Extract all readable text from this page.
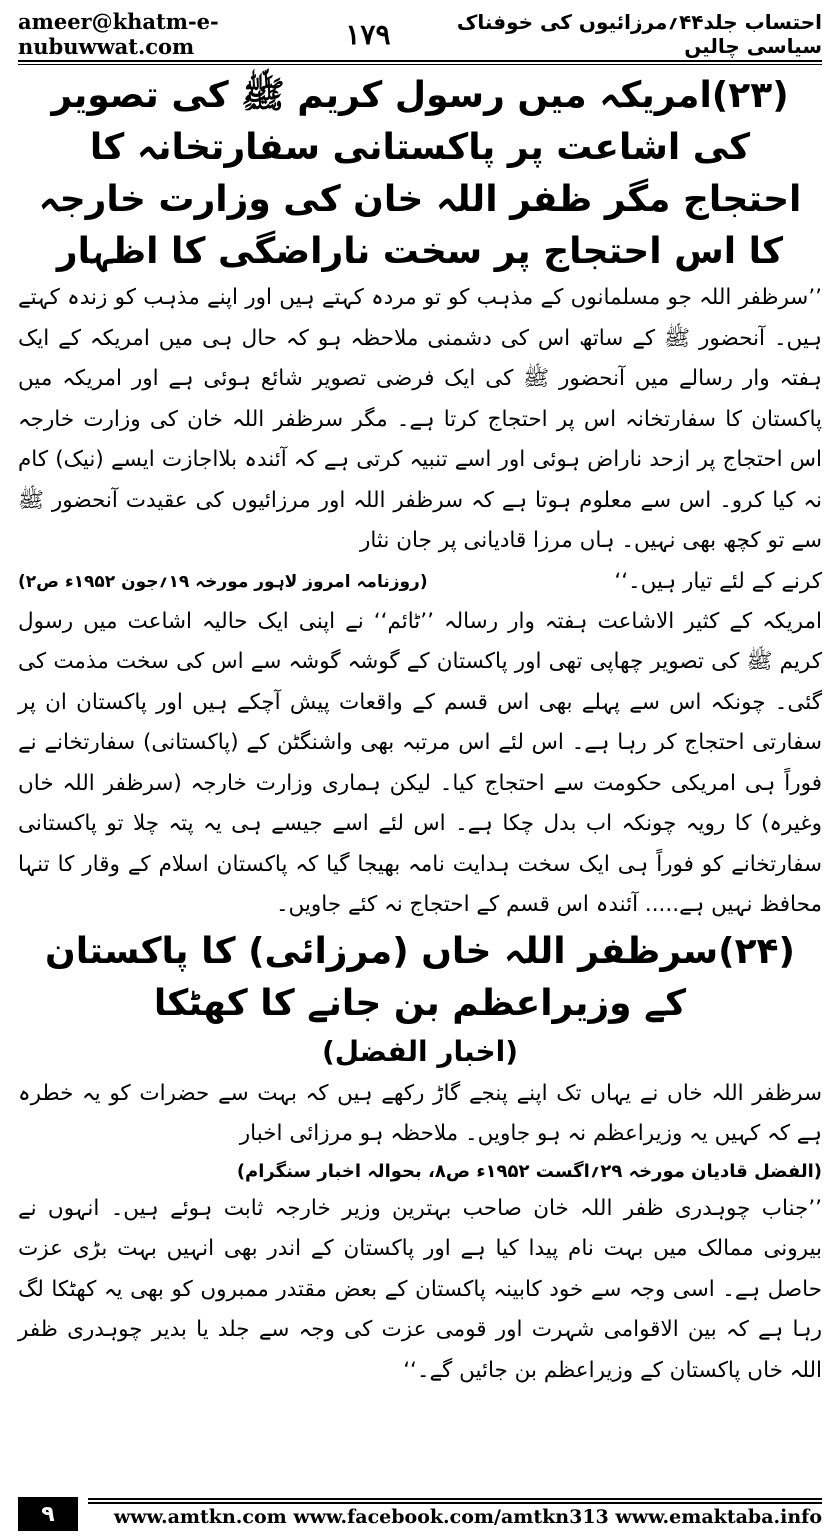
ameer@khatm-e-nubuwwat.com	۱۷۹	احتساب جلد۴۴؍مرزائیوں کی خوفناک سیاسی چالیں

(۲۳)امریکہ میں رسول کریم ﷺ کی تصویر کی اشاعت پر پاکستانی سفارتخانہ کا

احتجاج مگر ظفر اللہ خان کی وزارت خارجہ کا اس احتجاج پر سخت ناراضگی کا اظہار

’’سرظفر اللہ جو مسلمانوں کے مذہب کو تو مردہ کہتے ہیں اور اپنے مذہب کو زندہ کہتے ہیں۔ آنحضور ﷺ کے ساتھ اس کی دشمنی ملاحظہ ہو کہ حال ہی میں امریکہ کے ایک ہفتہ وار رسالے میں آنحضور ﷺ کی ایک فرضی تصویر شائع ہوئی ہے اور امریکہ میں پاکستان کا سفارتخانہ اس پر احتجاج کرتا ہے۔ مگر سرظفر اللہ خان کی وزارت خارجہ اس احتجاج پر ازحد ناراض ہوئی اور اسے تنبیہ کرتی ہے کہ آئندہ بلااجازت ایسے (نیک) کام نہ کیا کرو۔ اس سے معلوم ہوتا ہے کہ سرظفر اللہ اور مرزائیوں کی عقیدت آنحضور ﷺ سے تو کچھ بھی نہیں۔ ہاں مرزا قادیانی پر جان نثار

کرنے کے لئے تیار ہیں۔‘‘
(روزنامہ امروز لاہور مورخہ ۱۹؍جون ۱۹۵۲ء ص۲)

امریکہ کے کثیر الاشاعت ہفتہ وار رسالہ ’’ٹائم‘‘ نے اپنی ایک حالیہ اشاعت میں رسول کریم ﷺ کی تصویر چھاپی تھی اور پاکستان کے گوشہ گوشہ سے اس کی سخت مذمت کی گئی۔ چونکہ اس سے پہلے بھی اس قسم کے واقعات پیش آچکے ہیں اور پاکستان ان پر سفارتی احتجاج کر رہا ہے۔ اس لئے اس مرتبہ بھی واشنگٹن کے (پاکستانی) سفارتخانے نے فوراً ہی امریکی حکومت سے احتجاج کیا۔ لیکن ہماری وزارت خارجہ (سرظفر اللہ خاں وغیرہ) کا رویہ چونکہ اب بدل چکا ہے۔ اس لئے اسے جیسے ہی یہ پتہ چلا تو پاکستانی سفارتخانے کو فوراً ہی ایک سخت ہدایت نامہ بھیجا گیا کہ پاکستان اسلام کے وقار کا تنہا محافظ نہیں ہے..... آئندہ اس قسم کے احتجاج نہ کئے جاویں۔

(۲۴)سرظفر اللہ خاں (مرزائی) کا پاکستان کے وزیراعظم بن جانے کا کھٹکا

(اخبار الفضل)

سرظفر اللہ خاں نے یہاں تک اپنے پنجے گاڑ رکھے ہیں کہ بہت سے حضرات کو یہ خطرہ ہے کہ کہیں یہ وزیراعظم نہ ہو جاویں۔ ملاحظہ ہو مرزائی اخبار

(الفضل قادیان مورخہ ۲۹؍اگست ۱۹۵۲ء ص۸، بحوالہ اخبار سنگرام)

’’جناب چوہدری ظفر اللہ خان صاحب بہترین وزیر خارجہ ثابت ہوئے ہیں۔ انہوں نے بیرونی ممالک میں بہت نام پیدا کیا ہے اور پاکستان کے اندر بھی انہیں بہت بڑی عزت حاصل ہے۔ اسی وجہ سے خود کابینہ پاکستان کے بعض مقتدر ممبروں کو بھی یہ کھٹکا لگ رہا ہے کہ بین الاقوامی شہرت اور قومی عزت کی وجہ سے جلد یا بدیر چوہدری ظفر اللہ خاں پاکستان کے وزیراعظم بن جائیں گے۔‘‘

۹	www.amtkn.com www.facebook.com/amtkn313 www.emaktaba.info
